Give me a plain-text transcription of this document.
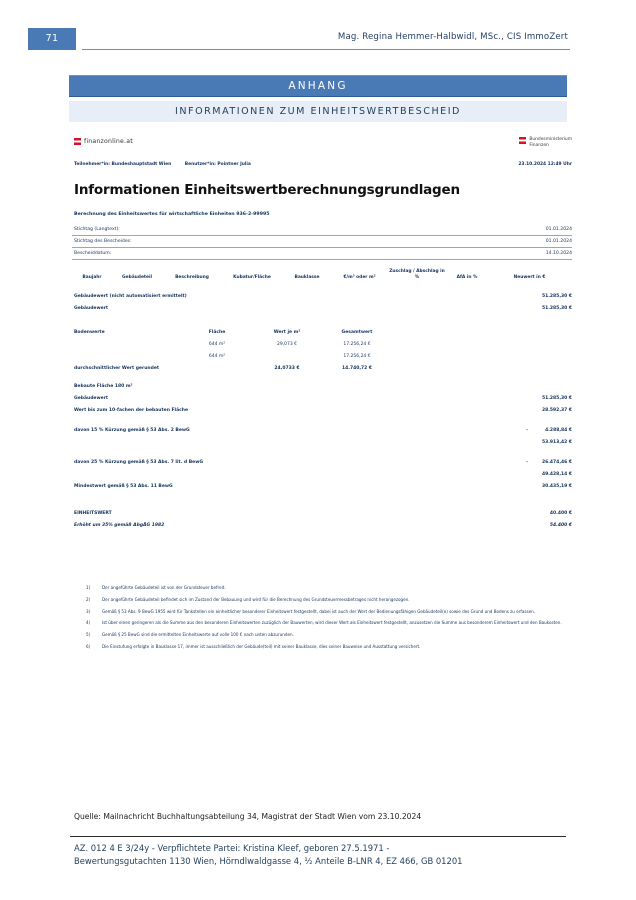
71	Mag. Regina Hemmer-Halbwidl, MSc., CIS ImmoZert
ANHANG
INFORMATIONEN ZUM EINHEITSWERTBESCHEID
finanzonline.at	Bundesministerium
Finanzen
Teilnehmer*in: Bundeshauptstadt Wien	Benutzer*in: Pointner Julia	23.10.2024 12:49 Uhr
Informationen Einheitswertberechnungsgrundlagen
Berechnung des Einheitswertes für wirtschaftliche Einheiten 936-2-99995
Stichtag (Langtext):	01.01.2024
Stichtag des Bescheides:	01.01.2024
Bescheiddatum:	14.10.2024
Baujahr	Gebäudeteil	Beschreibung	Kubatur/Fläche	Bauklasse	€/m³ oder m²	Zuschlag / Abschlag in %	AfA in %	Neuwert in €
Gebäudewert (nicht automatisiert ermittelt)	51.285,30 €
Gebäudewert	51.285,30 €
Bodenwerte	Fläche	Wert je m²	Gesamtwert	
	644 m²	29,073 €	17.256,24 €	
	644 m²		17.256,24 €	
durchschnittlicher Wert gerundet		24,0733 €	14.740,72 €	
Bebaute Fläche 180 m²
Gebäudewert	51.285,30 €
Wert bis zum 10-fachen der bebauten Fläche	28.592,37 €
davon 15 % Kürzung gemäß § 53 Abs. 2 BewG	-	4.288,84 €
53.913,42 €
davon 25 % Kürzung gemäß § 53 Abs. 7 lit. d BewG	-	26.474,46 €
49.428,14 €
Mindestwert gemäß § 53 Abs. 11 BewG	30.435,19 €
EINHEITSWERT	40.400 €
Erhöht um 35% gemäß AbgÄG 1982	54.400 €
1)	Der angeführte Gebäudeteil ist von der Grundsteuer befreit.
2)	Der angeführte Gebäudeteil befindet sich im Zustand der Bebauung und wird für die Berechnung des Grundsteuermessbetrages nicht herangezogen.
3)	Gemäß § 53 Abs. 9 BewG 1955 wird für Tankstellen ein einheitlicher besonderer Einheitswert festgestellt, dabei ist auch der Wert der Bedienungsfähigen Gebäudeteil(e) sowie des Grund und Bodens zu erfassen.
4)	Ist über einen geringeren als die Summe aus den besonderen Einheitswerten zuzüglich der Bauwerten, wird dieser Wert als Einheitswert festgestellt, anzusetzen die Summe aus besonderem Einheitswert und den Baukosten.
5)	Gemäß § 25 BewG sind die ermittelten Einheitswerte auf volle 100 € nach unten abzurunden.
6)	Die Einstufung erfolgte in Bauklasse 17, immer ist ausschließlich der Gebäude(teil) mit seiner Bauklasse, dies seiner Bauweise und Ausstattung versichert.
Quelle: Mailnachricht Buchhaltungsabteilung 34, Magistrat der Stadt Wien vom 23.10.2024
AZ. 012 4 E 3/24y - Verpflichtete Partei: Kristina Kleef, geboren 27.5.1971 -
Bewertungsgutachten 1130 Wien, Hörndlwaldgasse 4, ½ Anteile B-LNR 4, EZ 466, GB 01201
